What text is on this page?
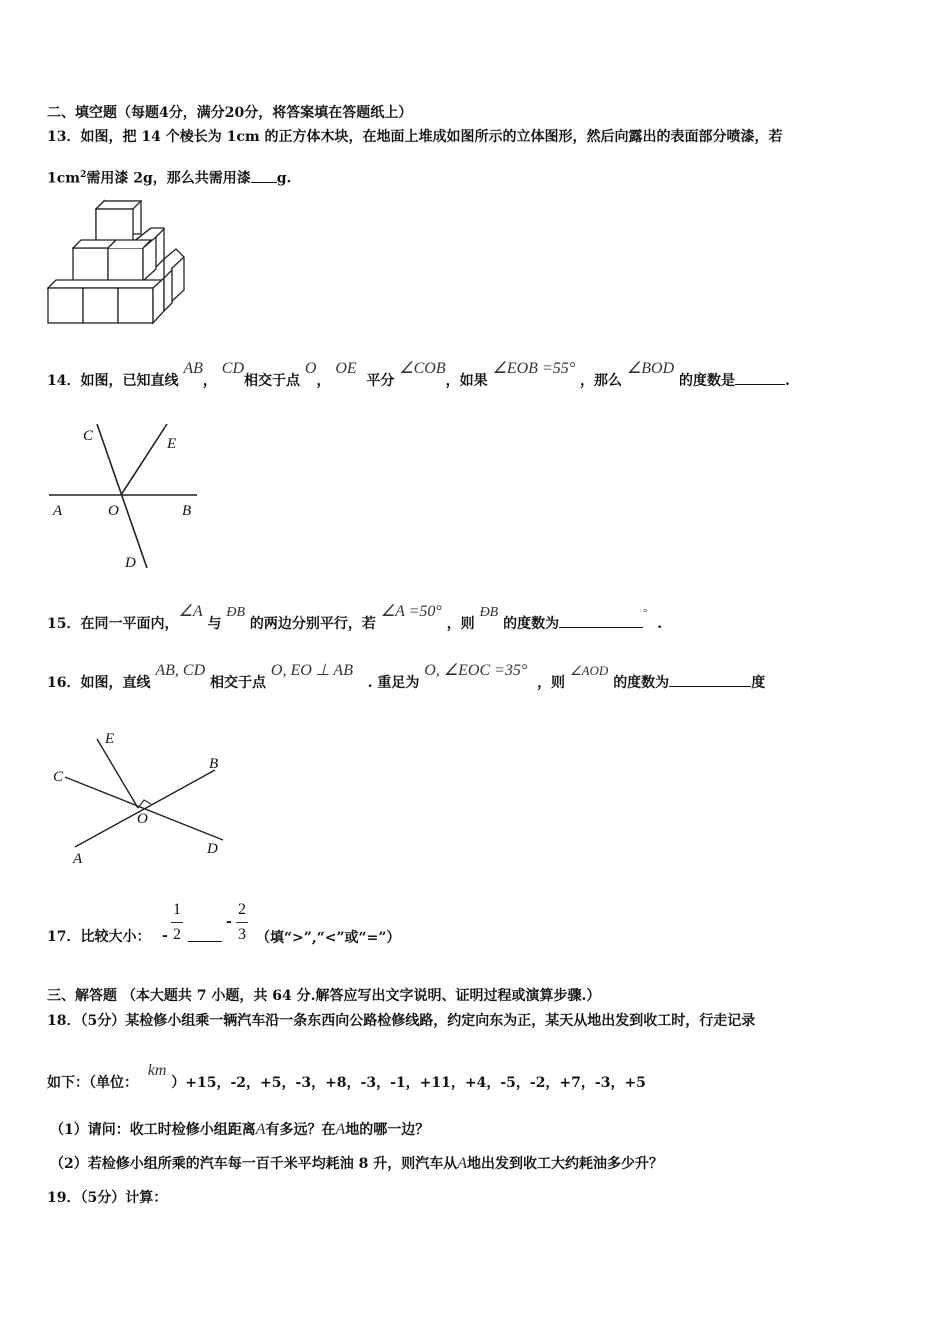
二、填空题（每题4分，满分20分，将答案填在答题纸上）
13．如图，把 14 个棱长为 1cm 的正方体木块，在地面上堆成如图所示的立体图形，然后向露出的表面部分喷漆，若
$1cm^2$需用漆 2g，那么共需用漆 g.
14．如图，已知直线 AB， CD相交于点 O， OE  平分 ∠COB，如果 ∠EOB =55° ，那么 ∠BOD 的度数是	.
C	E
A	O	B
D
15．在同一平面内，∠A 与 ÐB 的两边分别平行，若 ∠A =50° ，则 ÐB 的度数为°  .
16．如图，直线 AB, CD 相交于点 O, EO ⊥ AB   . 重足为 O, ∠EOC =35°  ，则 ∠AOD 的度数为	度
E
C
B
O
A
D
17．比较大小： -
1
2
-
2
3 （填“>”,“<”或“=”）
三、解答题 （本大题共 7 小题，共 64 分.解答应写出文字说明、证明过程或演算步骤.）
18．（5分）某检修小组乘一辆汽车沿一条东西向公路检修线路，约定向东为正，某天从地出发到收工时，行走记录
如下：（单位：  km ）+15，-2，+5，-3，+8，-3，-1，+11，+4，-5，-2，+7，-3，+5
（1）请问：收工时检修小组距离A有多远？在A地的哪一边？
（2）若检修小组所乘的汽车每一百千米平均耗油 8 升，则汽车从A地出发到收工大约耗油多少升？
19．（5分）计算：
